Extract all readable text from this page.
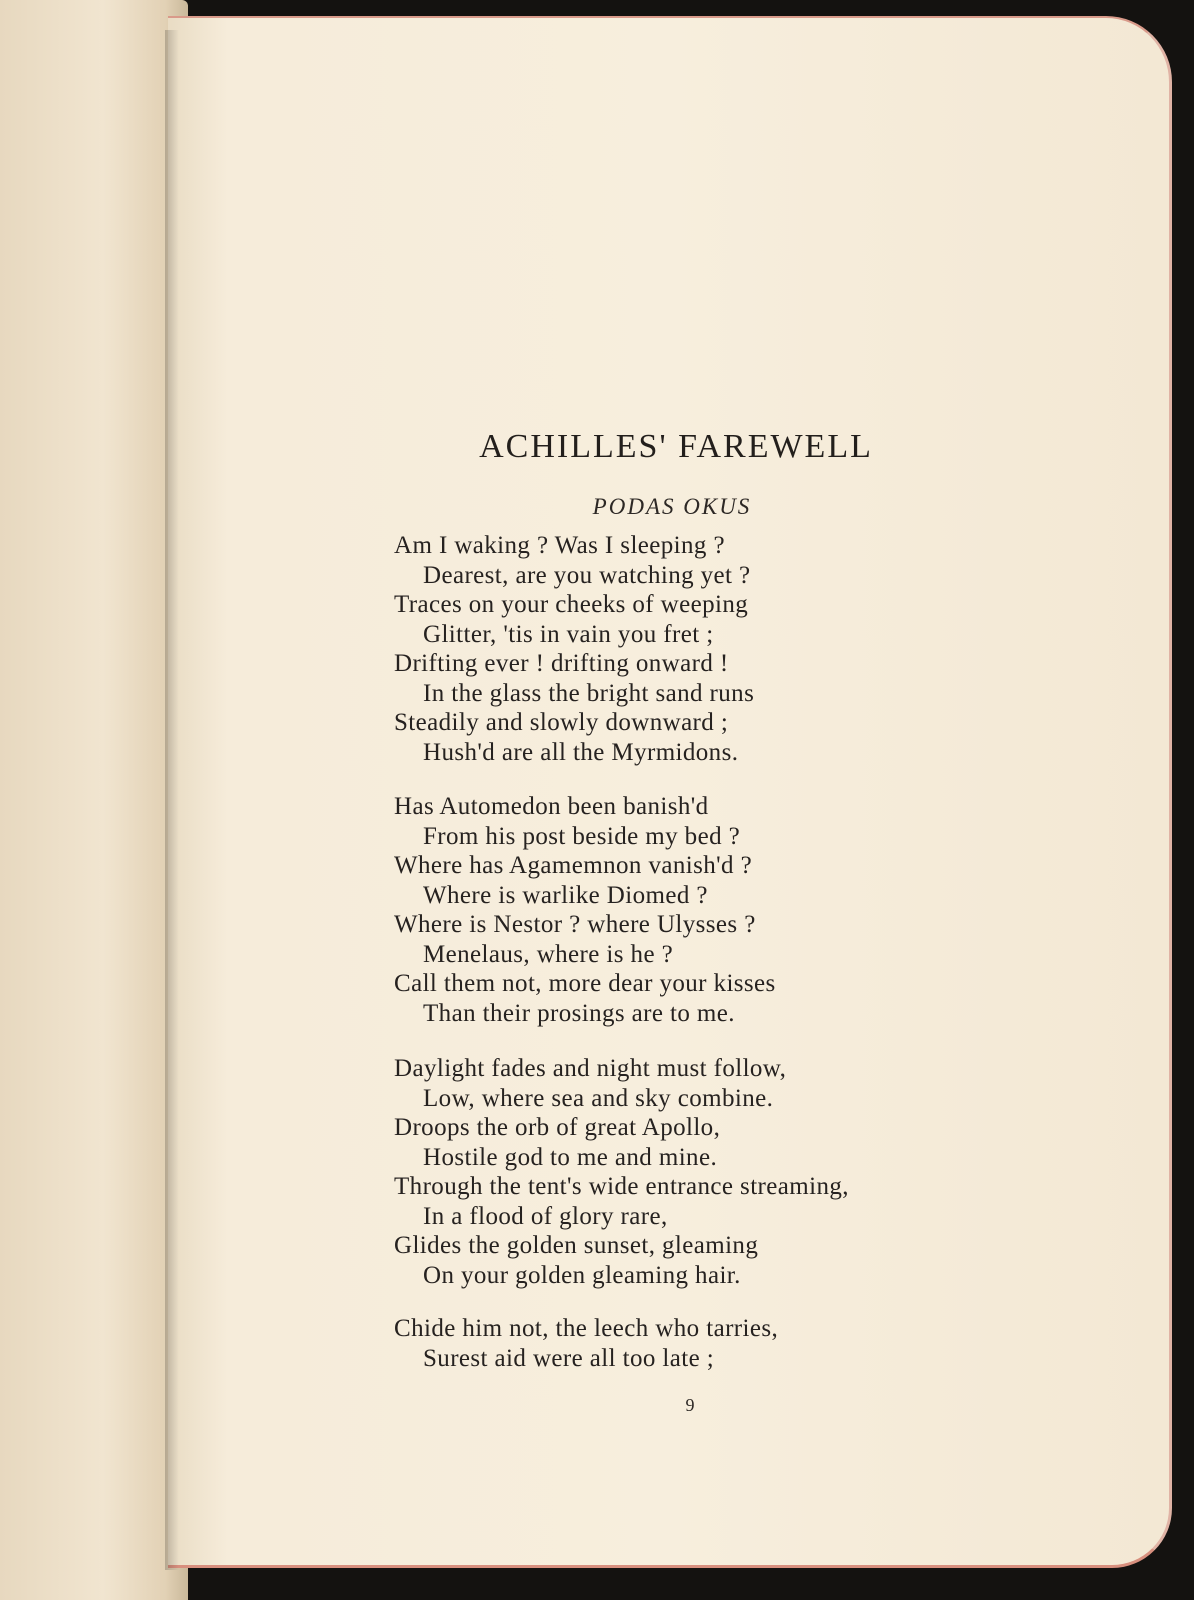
ACHILLES' FAREWELL
PODAS OKUS
Am I waking ? Was I sleeping ?
Dearest, are you watching yet ?
Traces on your cheeks of weeping
Glitter, 'tis in vain you fret ;
Drifting ever ! drifting onward !
In the glass the bright sand runs
Steadily and slowly downward ;
Hush'd are all the Myrmidons.
Has Automedon been banish'd
From his post beside my bed ?
Where has Agamemnon vanish'd ?
Where is warlike Diomed ?
Where is Nestor ? where Ulysses ?
Menelaus, where is he ?
Call them not, more dear your kisses
Than their prosings are to me.
Daylight fades and night must follow,
Low, where sea and sky combine.
Droops the orb of great Apollo,
Hostile god to me and mine.
Through the tent's wide entrance streaming,
In a flood of glory rare,
Glides the golden sunset, gleaming
On your golden gleaming hair.
Chide him not, the leech who tarries,
Surest aid were all too late ;
9
